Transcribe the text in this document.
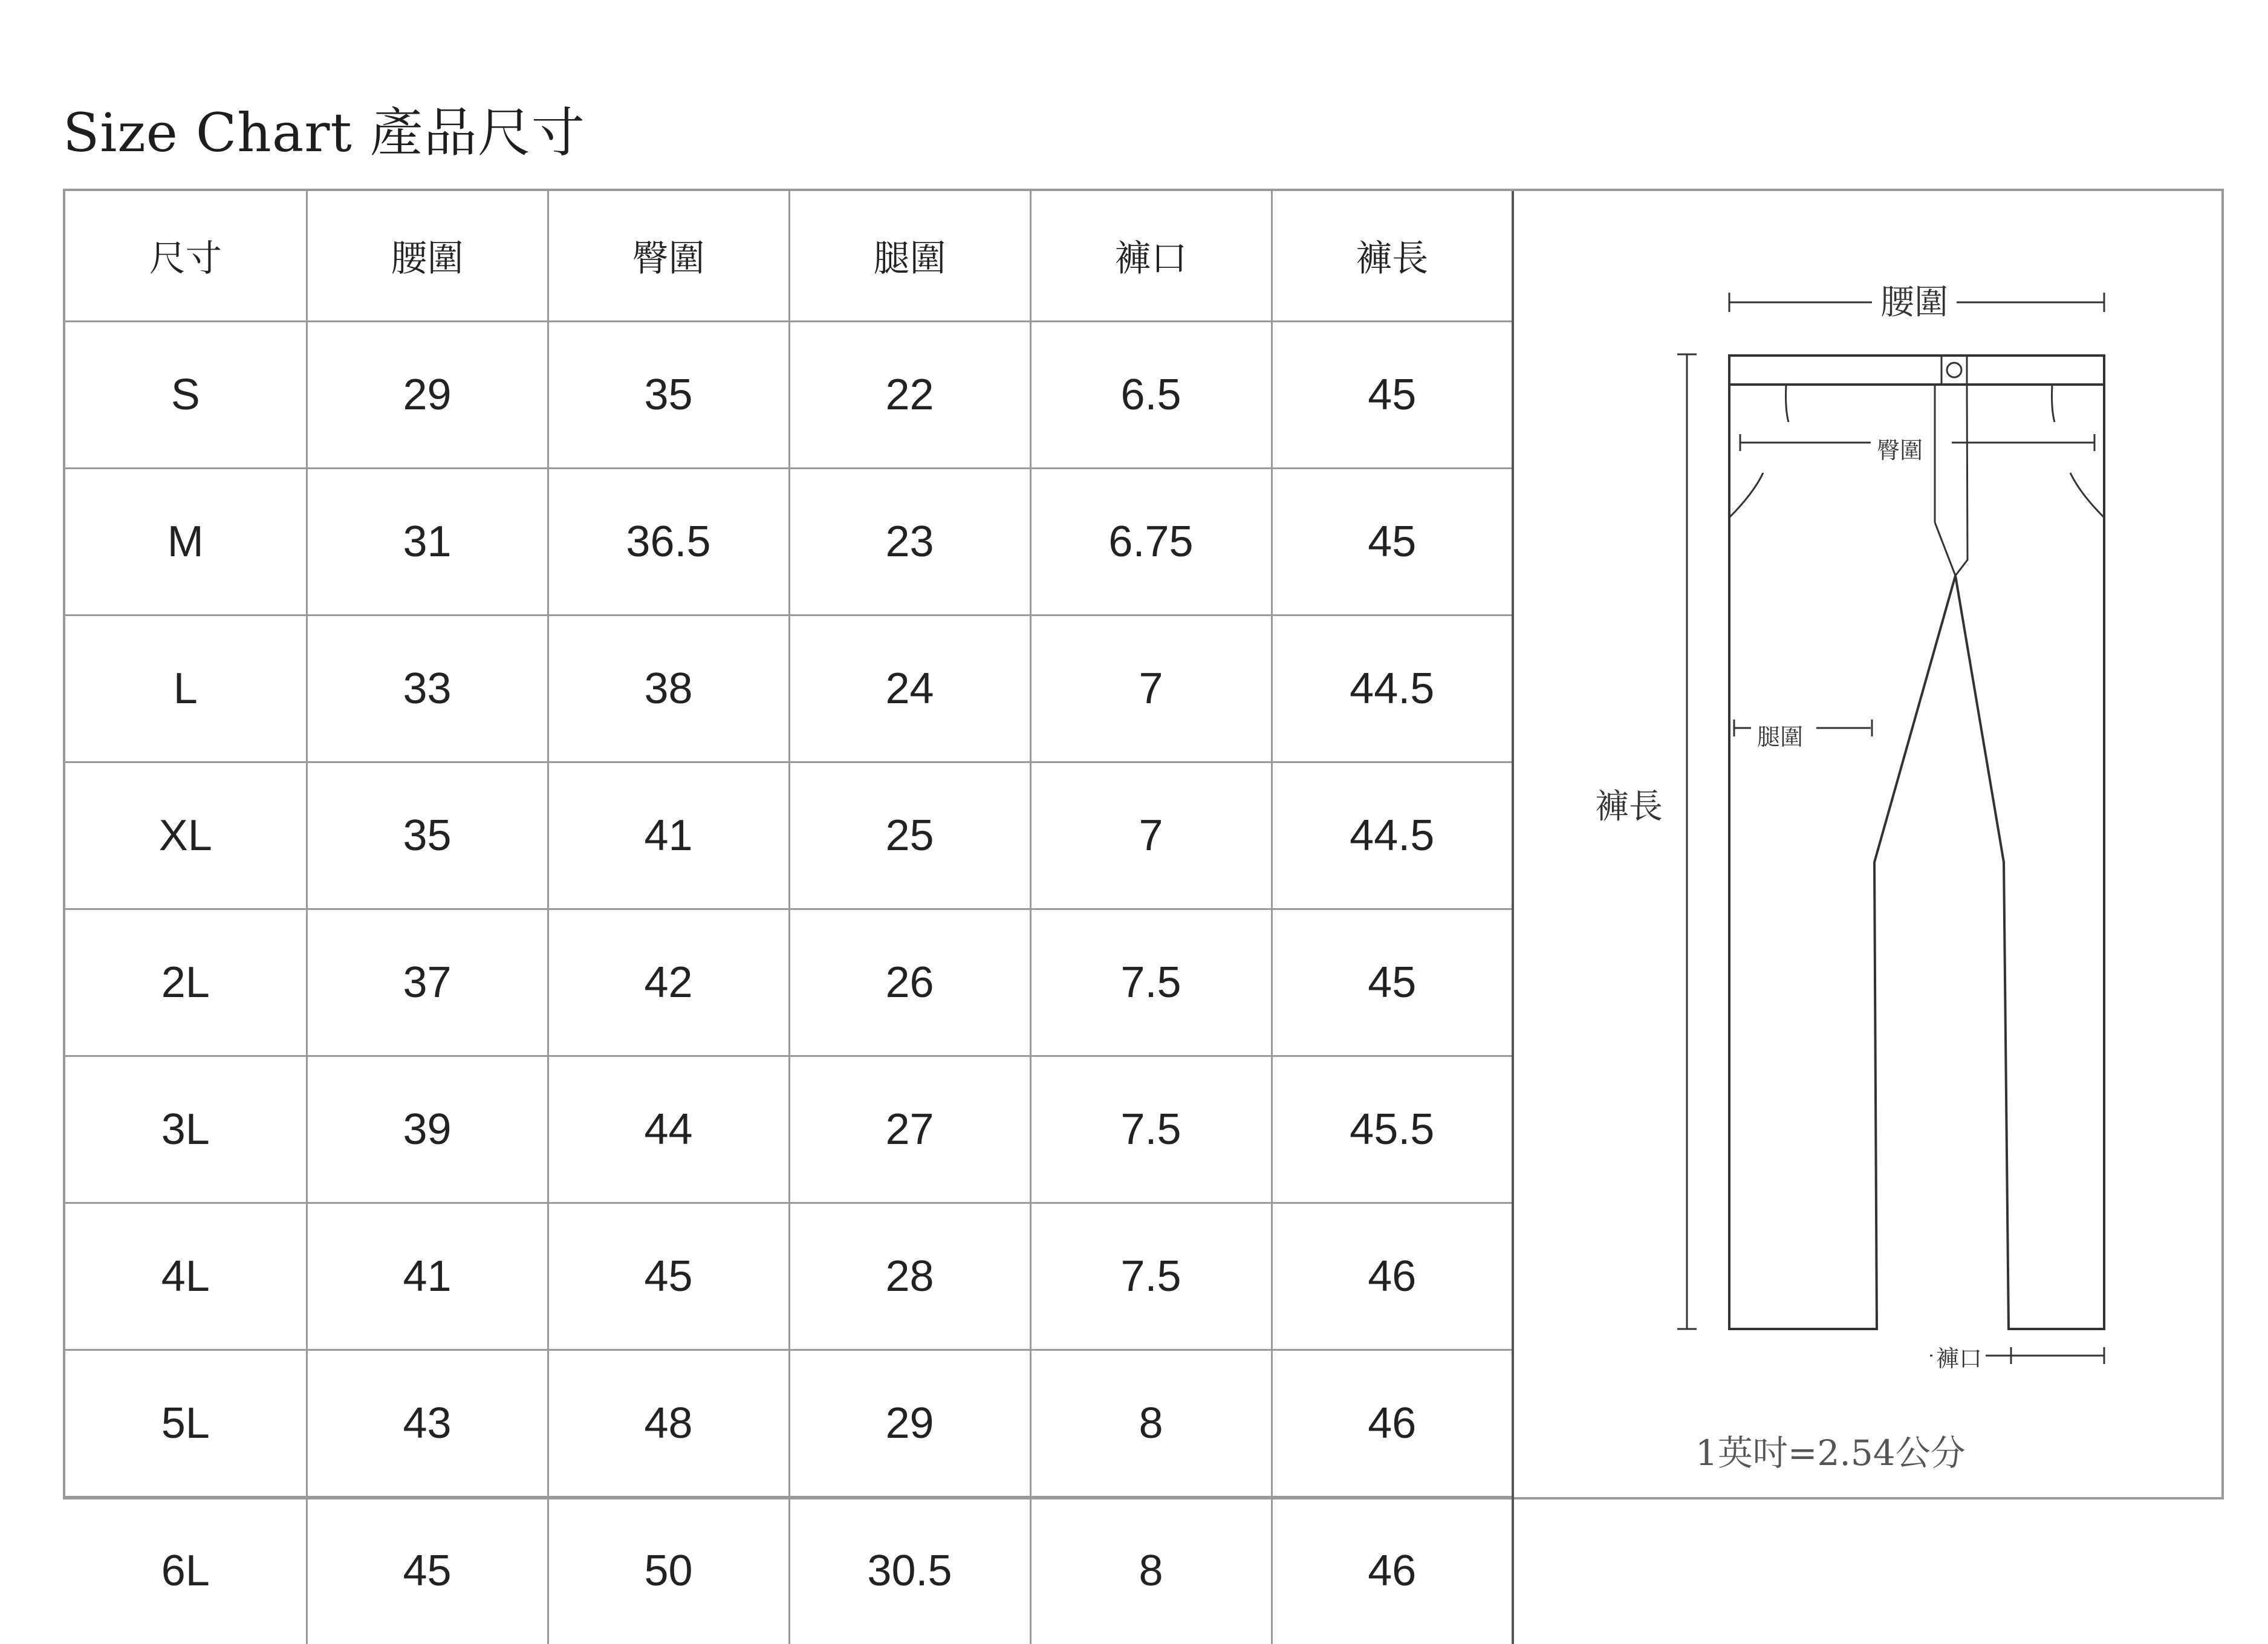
Size Chart 產品尺寸
尺寸	腰圍	臀圍	腿圍	褲口	褲長
S	29	35	22	6.5	45
M	31	36.5	23	6.75	45
L	33	38	24	7	44.5
XL	35	41	25	7	44.5
2L	37	42	26	7.5	45
3L	39	44	27	7.5	45.5
4L	41	45	28	7.5	46
5L	43	48	29	8	46
6L	45	50	30.5	8	46
腰圍
臀圍
腿圍
褲長
褲口
1英吋=2.54公分
